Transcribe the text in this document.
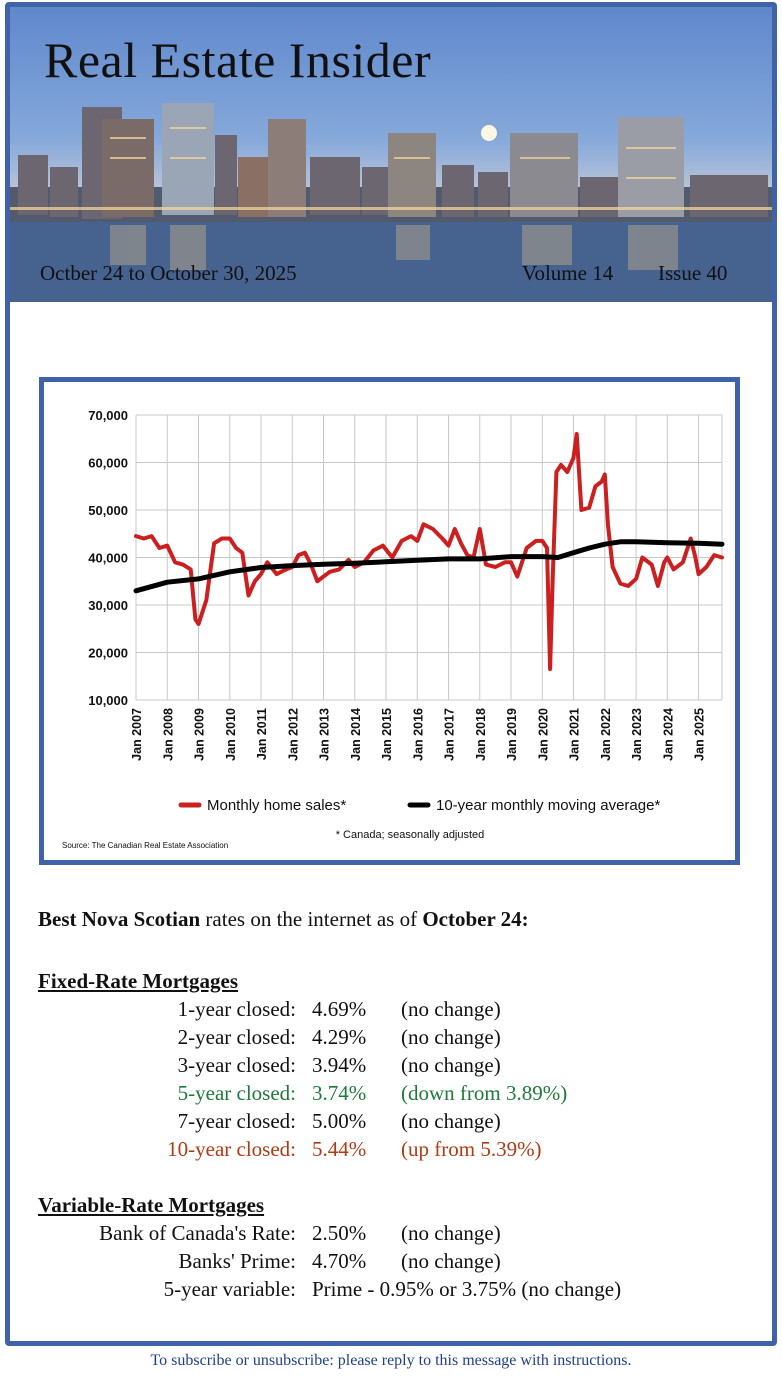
Real Estate Insider
Octber 24 to October 30, 2025	Volume 14 Issue 40
10,000
20,000
30,000
40,000
50,000
60,000
70,000
Jan 2007 Jan 2008 Jan 2009 Jan 2010 Jan 2011 Jan 2012 Jan 2013 Jan 2014 Jan 2015 Jan 2016 Jan 2017 Jan 2018 Jan 2019 Jan 2020 Jan 2021 Jan 2022 Jan 2023 Jan 2024 Jan 2025
Monthly home sales*	10-year monthly moving average*
* Canada; seasonally adjusted
Source: The Canadian Real Estate Association
Best Nova Scotian rates on the internet as of October 24:
Fixed-Rate Mortgages
1-year closed: 4.69% (no change)
2-year closed: 4.29% (no change)
3-year closed: 3.94% (no change)
5-year closed: 3.74% (down from 3.89%)
7-year closed: 5.00% (no change)
10-year closed: 5.44% (up from 5.39%)
Variable-Rate Mortgages
Bank of Canada's Rate: 2.50% (no change)
Banks' Prime: 4.70% (no change)
5-year variable: Prime - 0.95% or 3.75% (no change)
To subscribe or unsubscribe: please reply to this message with instructions.
